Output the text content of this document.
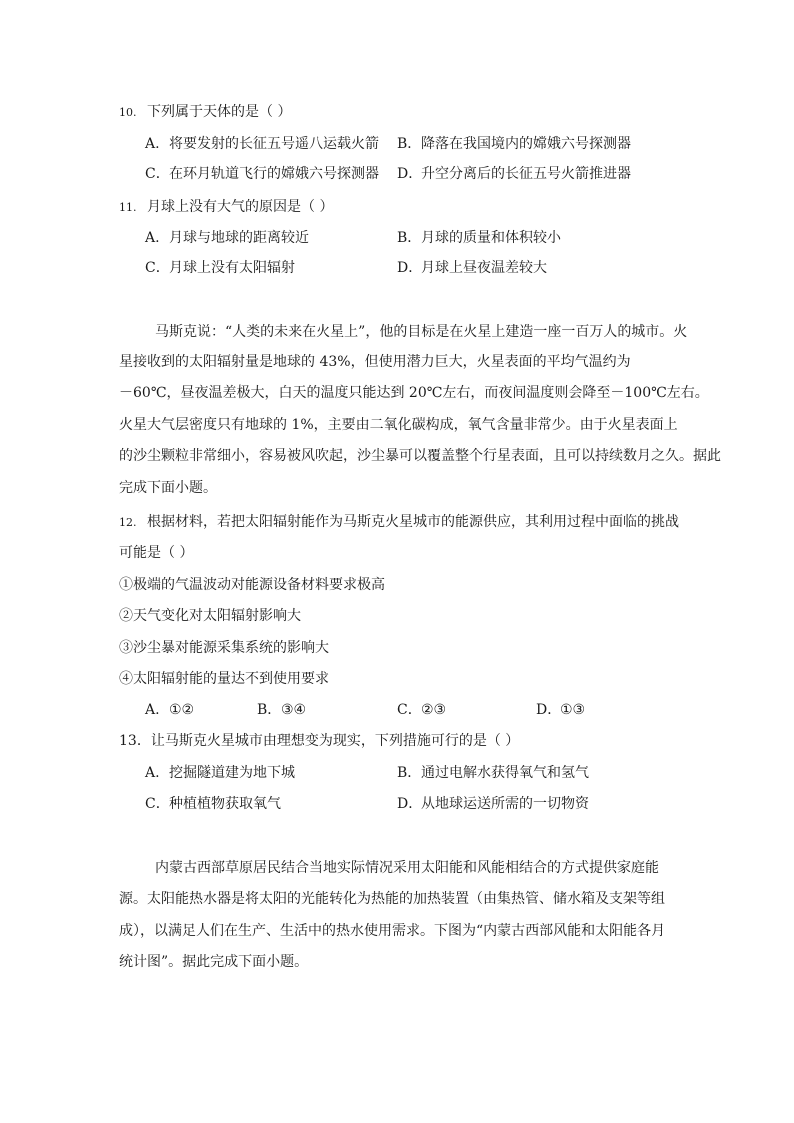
10. 下列属于天体的是（ ）
A. 将要发射的长征五号遥八运载火箭 B．降落在我国境内的嫦娥六号探测器
C．在环月轨道飞行的嫦娥六号探测器 D．升空分离后的长征五号火箭推进器
11. 月球上没有大气的原因是（ ）
A. 月球与地球的距离较近	B．月球的质量和体积较小
C．月球上没有太阳辐射	D．月球上昼夜温差较大
马斯克说：“人类的未来在火星上”，他的目标是在火星上建造一座一百万人的城市。火
星接收到的太阳辐射量是地球的 43%，但使用潜力巨大，火星表面的平均气温约为
－60℃，昼夜温差极大，白天的温度只能达到 20℃左右，而夜间温度则会降至－100℃左右。
火星大气层密度只有地球的 1%，主要由二氧化碳构成，氧气含量非常少。由于火星表面上
的沙尘颗粒非常细小，容易被风吹起，沙尘暴可以覆盖整个行星表面，且可以持续数月之久。据此
完成下面小题。
12. 根据材料，若把太阳辐射能作为马斯克火星城市的能源供应，其利用过程中面临的挑战
可能是（ ）
①极端的气温波动对能源设备材料要求极高
②天气变化对太阳辐射影响大
③沙尘暴对能源采集系统的影响大
④太阳辐射能的量达不到使用要求
A. ①②	B．③④	C．②③	D．①③
13．让马斯克火星城市由理想变为现实，下列措施可行的是（ ）
A. 挖掘隧道建为地下城	B．通过电解水获得氧气和氢气
C．种植植物获取氧气	D．从地球运送所需的一切物资
内蒙古西部草原居民结合当地实际情况采用太阳能和风能相结合的方式提供家庭能
源。太阳能热水器是将太阳的光能转化为热能的加热装置（由集热管、储水箱及支架等组
成），以满足人们在生产、生活中的热水使用需求。下图为“内蒙古西部风能和太阳能各月
统计图”。据此完成下面小题。
